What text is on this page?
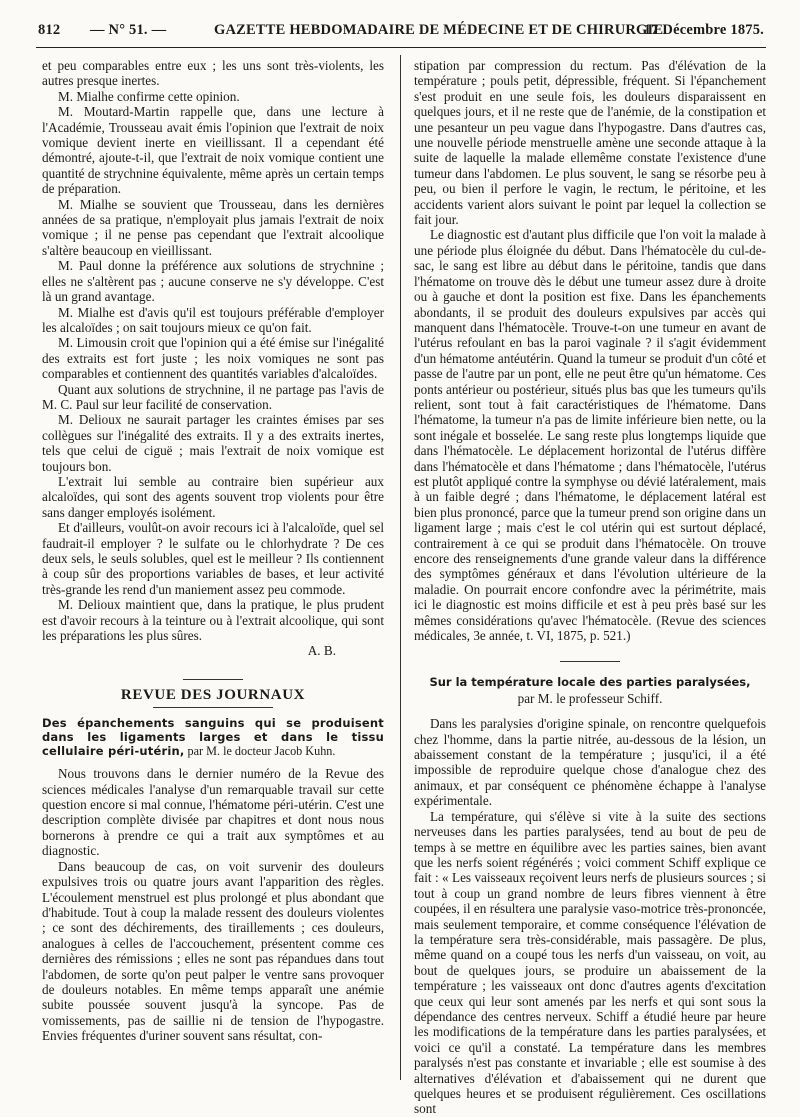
812 — N° 51. —	GAZETTE HEBDOMADAIRE DE MÉDECINE ET DE CHIRURGIE.
17 Décembre 1875.

et peu comparables entre eux ; les uns sont très-violents, les autres presque inertes.

M. Mialhe confirme cette opinion.

M. Moutard-Martin rappelle que, dans une lecture à l'Académie, Trousseau avait émis l'opinion que l'extrait de noix vomique devient inerte en vieillissant. Il a cependant été démontré, ajoute-t-il, que l'extrait de noix vomique contient une quantité de strychnine équivalente, même après un certain temps de préparation.

M. Mialhe se souvient que Trousseau, dans les dernières années de sa pratique, n'employait plus jamais l'extrait de noix vomique ; il ne pense pas cependant que l'extrait alcoolique s'altère beaucoup en vieillissant.

M. Paul donne la préférence aux solutions de strychnine ; elles ne s'altèrent pas ; aucune conserve ne s'y développe. C'est là un grand avantage.

M. Mialhe est d'avis qu'il est toujours préférable d'employer les alcaloïdes ; on sait toujours mieux ce qu'on fait.

M. Limousin croit que l'opinion qui a été émise sur l'inégalité des extraits est fort juste ; les noix vomiques ne sont pas comparables et contiennent des quantités variables d'alcaloïdes.

Quant aux solutions de strychnine, il ne partage pas l'avis de M. C. Paul sur leur facilité de conservation.

M. Delioux ne saurait partager les craintes émises par ses collègues sur l'inégalité des extraits. Il y a des extraits inertes, tels que celui de ciguë ; mais l'extrait de noix vomique est toujours bon.

L'extrait lui semble au contraire bien supérieur aux alcaloïdes, qui sont des agents souvent trop violents pour être sans danger employés isolément.

Et d'ailleurs, voulût-on avoir recours ici à l'alcaloïde, quel sel faudrait-il employer ? le sulfate ou le chlorhydrate ? De ces deux sels, le seuls solubles, quel est le meilleur ? Ils contiennent à coup sûr des proportions variables de bases, et leur activité très-grande les rend d'un maniement assez peu commode.

M. Delioux maintient que, dans la pratique, le plus prudent est d'avoir recours à la teinture ou à l'extrait alcoolique, qui sont les préparations les plus sûres.

A. B.

REVUE DES JOURNAUX

Des épanchements sanguins qui se produisent dans les ligaments larges et dans le tissu cellulaire péri-utérin, par M. le docteur Jacob Kuhn.

Nous trouvons dans le dernier numéro de la Revue des sciences médicales l'analyse d'un remarquable travail sur cette question encore si mal connue, l'hématome péri-utérin. C'est une description complète divisée par chapitres et dont nous nous bornerons à prendre ce qui a trait aux symptômes et au diagnostic.

Dans beaucoup de cas, on voit survenir des douleurs expulsives trois ou quatre jours avant l'apparition des règles. L'écoulement menstruel est plus prolongé et plus abondant que d'habitude. Tout à coup la malade ressent des douleurs violentes ; ce sont des déchirements, des tiraillements ; ces douleurs, analogues à celles de l'accouchement, présentent comme ces dernières des rémissions ; elles ne sont pas répandues dans tout l'abdomen, de sorte qu'on peut palper le ventre sans provoquer de douleurs notables. En même temps apparaît une anémie subite poussée souvent jusqu'à la syncope. Pas de vomissements, pas de saillie ni de tension de l'hypogastre. Envies fréquentes d'uriner souvent sans résultat, con-

stipation par compression du rectum. Pas d'élévation de la température ; pouls petit, dépressible, fréquent. Si l'épanchement s'est produit en une seule fois, les douleurs disparaissent en quelques jours, et il ne reste que de l'anémie, de la constipation et une pesanteur un peu vague dans l'hypogastre. Dans d'autres cas, une nouvelle période menstruelle amène une seconde attaque à la suite de laquelle la malade ellemême constate l'existence d'une tumeur dans l'abdomen. Le plus souvent, le sang se résorbe peu à peu, ou bien il perfore le vagin, le rectum, le péritoine, et les accidents varient alors suivant le point par lequel la collection se fait jour.

Le diagnostic est d'autant plus difficile que l'on voit la malade à une période plus éloignée du début. Dans l'hématocèle du cul-de-sac, le sang est libre au début dans le péritoine, tandis que dans l'hématome on trouve dès le début une tumeur assez dure à droite ou à gauche et dont la position est fixe. Dans les épanchements abondants, il se produit des douleurs expulsives par accès qui manquent dans l'hématocèle. Trouve-t-on une tumeur en avant de l'utérus refoulant en bas la paroi vaginale ? il s'agit évidemment d'un hématome antéutérin. Quand la tumeur se produit d'un côté et passe de l'autre par un pont, elle ne peut être qu'un hématome. Ces ponts antérieur ou postérieur, situés plus bas que les tumeurs qu'ils relient, sont tout à fait caractéristiques de l'hématome. Dans l'hématome, la tumeur n'a pas de limite inférieure bien nette, ou la sont inégale et bosselée. Le sang reste plus longtemps liquide que dans l'hématocèle. Le déplacement horizontal de l'utérus diffère dans l'hématocèle et dans l'hématome ; dans l'hématocèle, l'utérus est plutôt appliqué contre la symphyse ou dévié latéralement, mais à un faible degré ; dans l'hématome, le déplacement latéral est bien plus prononcé, parce que la tumeur prend son origine dans un ligament large ; mais c'est le col utérin qui est surtout déplacé, contrairement à ce qui se produit dans l'hématocèle. On trouve encore des renseignements d'une grande valeur dans la différence des symptômes généraux et dans l'évolution ultérieure de la maladie. On pourrait encore confondre avec la périmétrite, mais ici le diagnostic est moins difficile et est à peu près basé sur les mêmes considérations qu'avec l'hématocèle. (Revue des sciences médicales, 3e année, t. VI, 1875, p. 521.)

Sur la température locale des parties paralysées,
par M. le professeur Schiff.

Dans les paralysies d'origine spinale, on rencontre quelquefois chez l'homme, dans la partie nitrée, au-dessous de la lésion, un abaissement constant de la température ; jusqu'ici, il a été impossible de reproduire quelque chose d'analogue chez des animaux, et par conséquent ce phénomène échappe à l'analyse expérimentale.

La température, qui s'élève si vite à la suite des sections nerveuses dans les parties paralysées, tend au bout de peu de temps à se mettre en équilibre avec les parties saines, bien avant que les nerfs soient régénérés ; voici comment Schiff explique ce fait : « Les vaisseaux reçoivent leurs nerfs de plusieurs sources ; si tout à coup un grand nombre de leurs fibres viennent à être coupées, il en résultera une paralysie vaso-motrice très-prononcée, mais seulement temporaire, et comme conséquence l'élévation de la température sera très-considérable, mais passagère. De plus, même quand on a coupé tous les nerfs d'un vaisseau, on voit, au bout de quelques jours, se produire un abaissement de la température ; les vaisseaux ont donc d'autres agents d'excitation que ceux qui leur sont amenés par les nerfs et qui sont sous la dépendance des centres nerveux. Schiff a étudié heure par heure les modifications de la température dans les parties paralysées, et voici ce qu'il a constaté. La température dans les membres paralysés n'est pas constante et invariable ; elle est soumise à des alternatives d'élévation et d'abaissement qui ne durent que quelques heures et se produisent régulièrement. Ces oscillations sont
